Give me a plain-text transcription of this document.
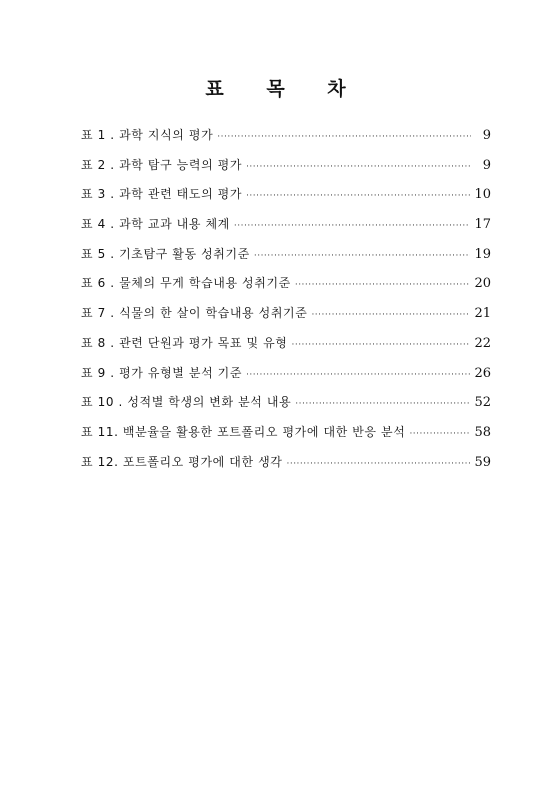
표 목 차
표 1 . 과학 지식의 평가 ·····	9
표 2 . 과학 탐구 능력의 평가 ·····	9
표 3 . 과학 관련 태도의 평가 ·····	10
표 4 . 과학 교과 내용 체계 ·····	17
표 5 . 기초탐구 활동 성취기준 ·····	19
표 6 . 물체의 무게 학습내용 성취기준 ·····	20
표 7 . 식물의 한 살이 학습내용 성취기준 ·····	21
표 8 . 관련 단원과 평가 목표 및 유형 ·····	22
표 9 . 평가 유형별 분석 기준 ·····	26
표 10 . 성적별 학생의 변화 분석 내용 ·····	52
표 11. 백분율을 활용한 포트폴리오 평가에 대한 반응 분석 ·····	58
표 12. 포트폴리오 평가에 대한 생각 ·····	59
